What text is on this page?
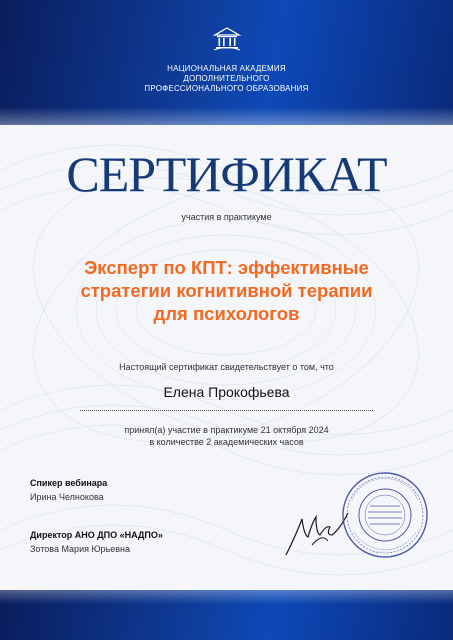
НАЦИОНАЛЬНАЯ АКАДЕМИЯ
ДОПОЛНИТЕЛЬНОГО
ПРОФЕССИОНАЛЬНОГО ОБРАЗОВАНИЯ
СЕРТИФИКАТ
участия в практикуме
Эксперт по КПТ: эффективные
стратегии когнитивной терапии
для психологов
Настоящий сертификат свидетельствует о том, что
Елена Прокофьева
принял(а) участие в практикуме 21 октября 2024
в количестве 2 академических часов
Спикер вебинара
Ирина Челнокова
Директор АНО ДПО «НАДПО»
Зотова Мария Юрьевна
